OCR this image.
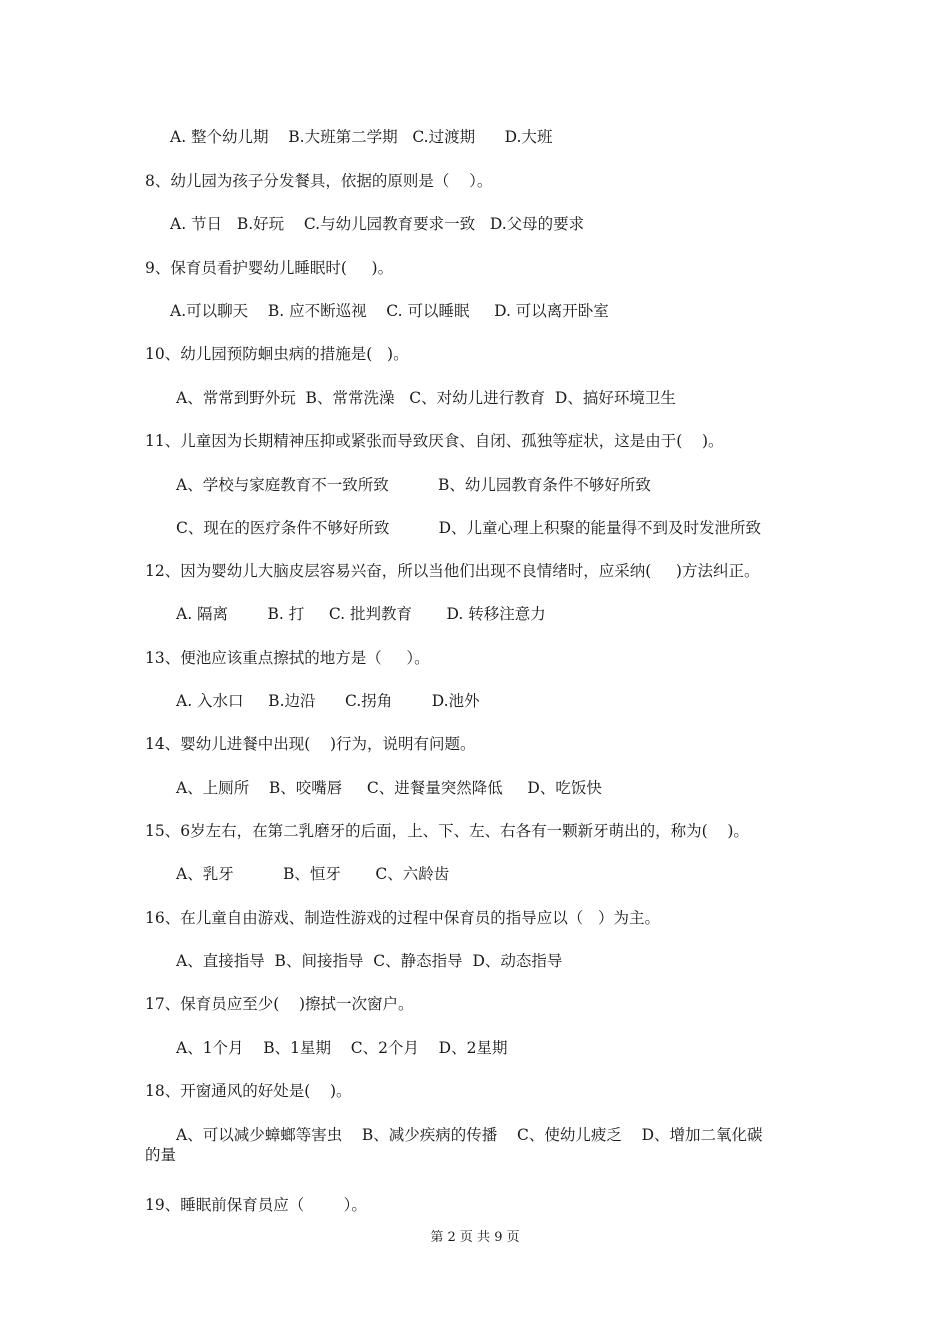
A. 整个幼儿期    B.大班第二学期   C.过渡期      D.大班
8、幼儿园为孩子分发餐具，依据的原则是（    ）。
A. 节日   B.好玩    C.与幼儿园教育要求一致   D.父母的要求
9、保育员看护婴幼儿睡眠时(     )。
A.可以聊天    B. 应不断巡视    C. 可以睡眠     D. 可以离开卧室
10、幼儿园预防蛔虫病的措施是(   )。
A、常常到野外玩  B、常常洗澡   C、对幼儿进行教育  D、搞好环境卫生
11、儿童因为长期精神压抑或紧张而导致厌食、自闭、孤独等症状，这是由于(    )。
A、学校与家庭教育不一致所致          B、幼儿园教育条件不够好所致
C、现在的医疗条件不够好所致          D、儿童心理上积聚的能量得不到及时发泄所致
12、因为婴幼儿大脑皮层容易兴奋，所以当他们出现不良情绪时，应采纳(     )方法纠正。
A. 隔离        B. 打     C. 批判教育       D. 转移注意力
13、便池应该重点擦拭的地方是（     ）。
A. 入水口     B.边沿      C.拐角        D.池外
14、婴幼儿进餐中出现(    )行为，说明有问题。
A、上厕所    B、咬嘴唇     C、进餐量突然降低     D、吃饭快
15、6岁左右，在第二乳磨牙的后面，上、下、左、右各有一颗新牙萌出的，称为(    )。
A、乳牙          B、恒牙       C、六龄齿
16、在儿童自由游戏、制造性游戏的过程中保育员的指导应以（   ）为主。
A、直接指导  B、间接指导  C、静态指导  D、动态指导
17、保育员应至少(    )擦拭一次窗户。
A、1个月    B、1星期    C、2个月    D、2星期
18、开窗通风的好处是(    )。
A、可以减少蟑螂等害虫    B、减少疾病的传播    C、使幼儿疲乏    D、增加二氧化碳
的量
19、睡眠前保育员应（        ）。
第 2 页 共 9 页
